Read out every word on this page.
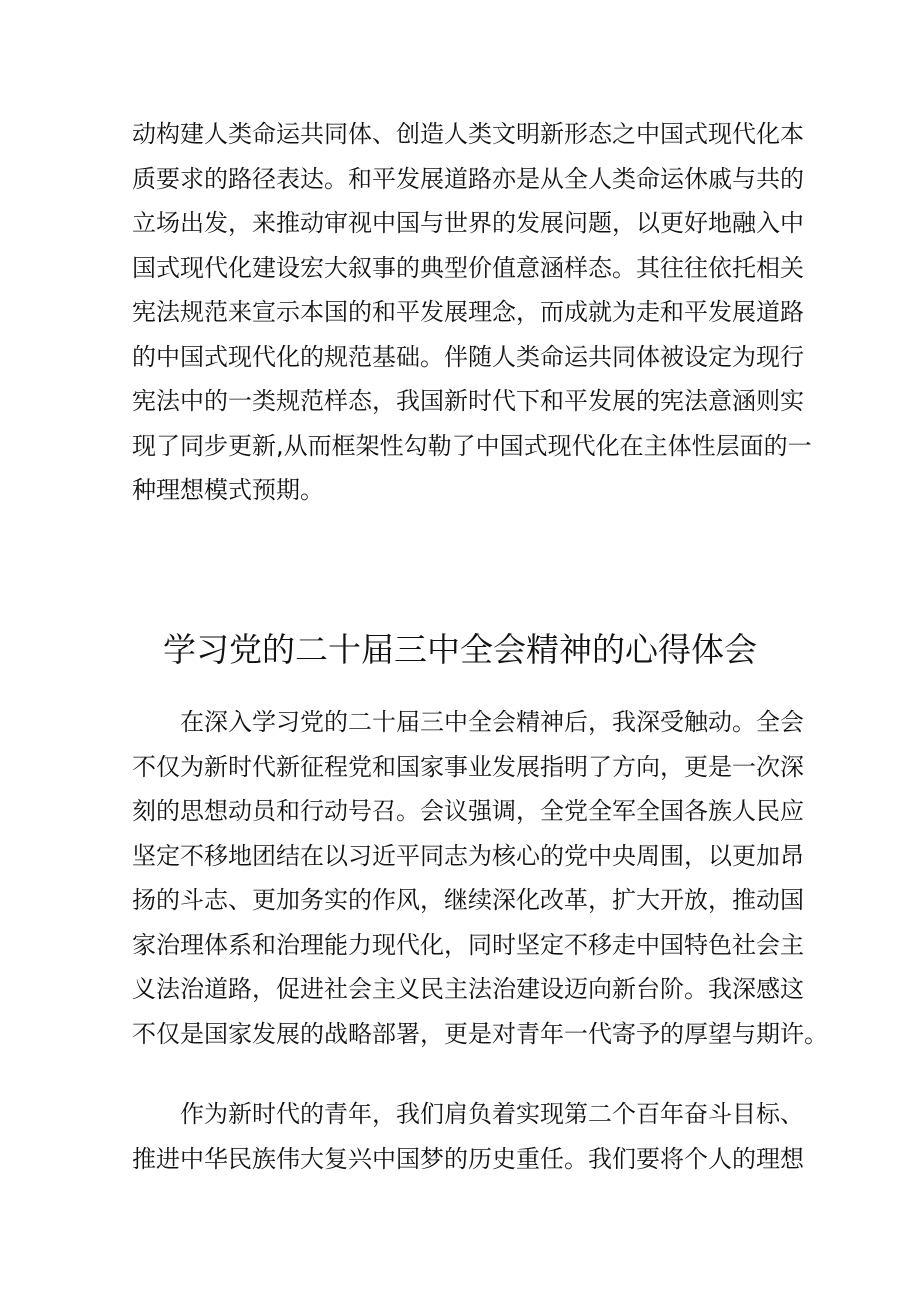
动构建人类命运共同体、创造人类文明新形态之中国式现代化本
质要求的路径表达。和平发展道路亦是从全人类命运休戚与共的
立场出发，来推动审视中国与世界的发展问题，以更好地融入中
国式现代化建设宏大叙事的典型价值意涵样态。其往往依托相关
宪法规范来宣示本国的和平发展理念，而成就为走和平发展道路
的中国式现代化的规范基础。伴随人类命运共同体被设定为现行
宪法中的一类规范样态，我国新时代下和平发展的宪法意涵则实
现了同步更新,从而框架性勾勒了中国式现代化在主体性层面的一
种理想模式预期。
学习党的二十届三中全会精神的心得体会
在深入学习党的二十届三中全会精神后，我深受触动。全会
不仅为新时代新征程党和国家事业发展指明了方向，更是一次深
刻的思想动员和行动号召。会议强调，全党全军全国各族人民应
坚定不移地团结在以习近平同志为核心的党中央周围，以更加昂
扬的斗志、更加务实的作风，继续深化改革，扩大开放，推动国
家治理体系和治理能力现代化，同时坚定不移走中国特色社会主
义法治道路，促进社会主义民主法治建设迈向新台阶。我深感这
不仅是国家发展的战略部署，更是对青年一代寄予的厚望与期许。
作为新时代的青年，我们肩负着实现第二个百年奋斗目标、
推进中华民族伟大复兴中国梦的历史重任。我们要将个人的理想
